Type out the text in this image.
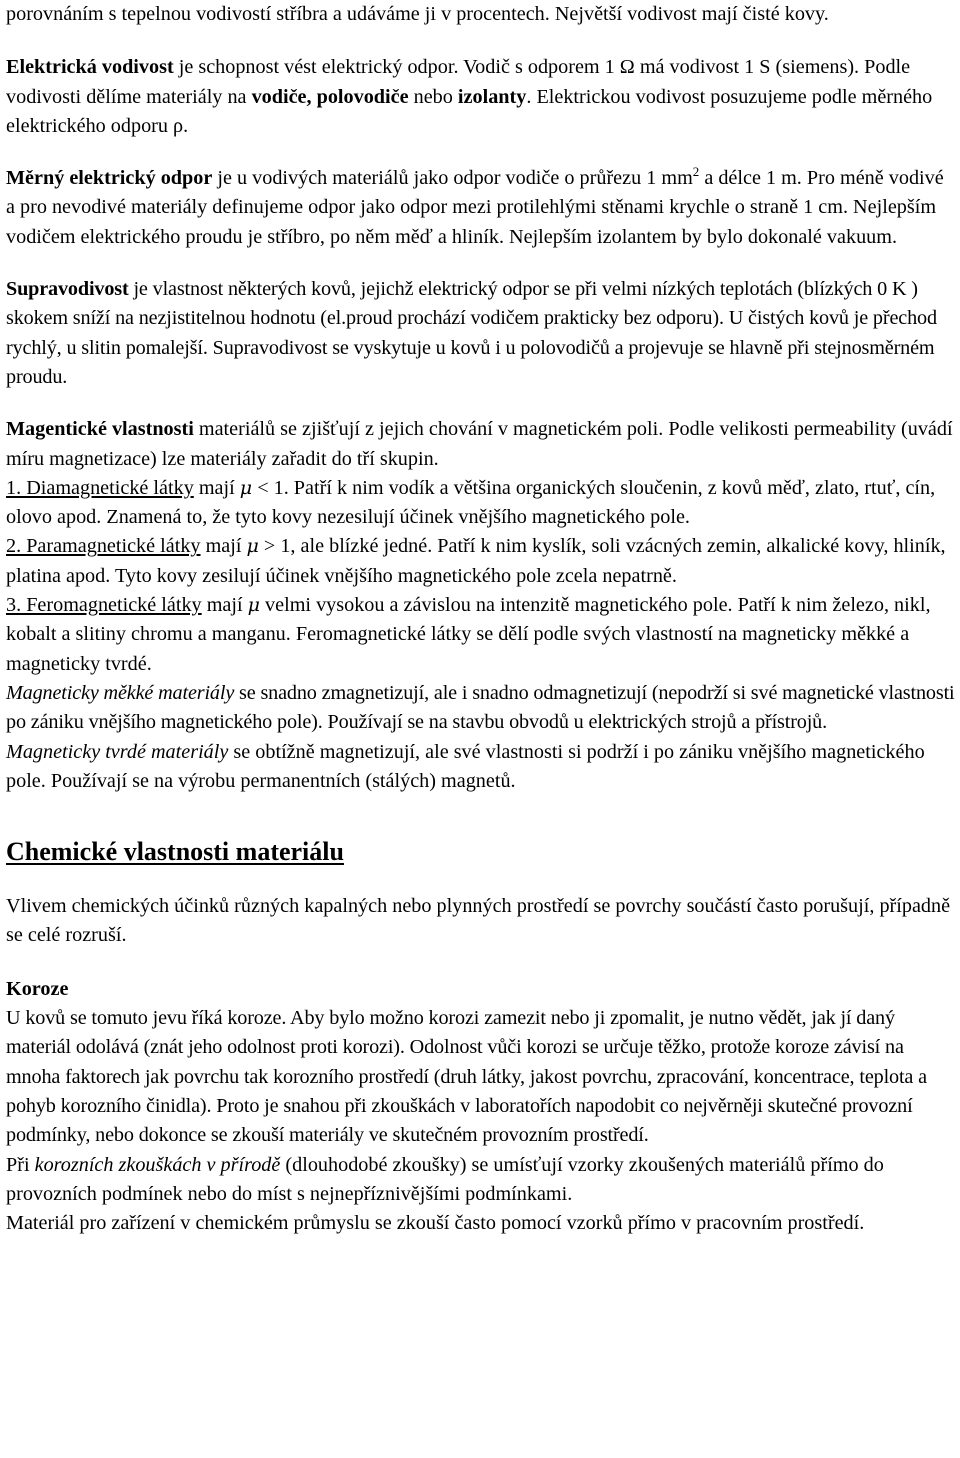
porovnáním s tepelnou vodivostí stříbra a udáváme ji v procentech. Největší vodivost mají čisté kovy.

Elektrická vodivost je schopnost vést elektrický odpor. Vodič s odporem 1 Ω má vodivost 1 S (siemens). Podle vodivosti dělíme materiály na vodiče, polovodiče nebo izolanty. Elektrickou vodivost posuzujeme podle měrného elektrického odporu ρ.

Měrný elektrický odpor je u vodivých materiálů jako odpor vodiče o průřezu 1 $mm^2$ a délce 1 m. Pro méně vodivé a pro nevodivé materiály definujeme odpor jako odpor mezi protilehlými stěnami krychle o straně 1 cm. Nejlepším vodičem elektrického proudu je stříbro, po něm měď a hliník. Nejlepším izolantem by bylo dokonalé vakuum.

Supravodivost je vlastnost některých kovů, jejichž elektrický odpor se při velmi nízkých teplotách (blízkých 0 K ) skokem sníží na nezjistitelnou hodnotu (el.proud prochází vodičem prakticky bez odporu). U čistých kovů je přechod rychlý, u slitin pomalejší. Supravodivost se vyskytuje u kovů i u polovodičů a projevuje se hlavně při stejnosměrném proudu.

Magentické vlastnosti materiálů se zjišťují z jejich chování v magnetickém poli. Podle velikosti permeability (uvádí míru magnetizace) lze materiály zařadit do tří skupin.

1. Diamagnetické látky mají μ < 1. Patří k nim vodík a většina organických sloučenin, z kovů měď, zlato, rtuť, cín, olovo apod. Znamená to, že tyto kovy nezesilují účinek vnějšího magnetického pole.

2. Paramagnetické látky mají μ > 1, ale blízké jedné. Patří k nim kyslík, soli vzácných zemin, alkalické kovy, hliník, platina apod. Tyto kovy zesilují účinek vnějšího magnetického pole zcela nepatrně.

3. Feromagnetické látky mají μ velmi vysokou a závislou na intenzitě magnetického pole. Patří k nim železo, nikl, kobalt a slitiny chromu a manganu. Feromagnetické látky se dělí podle svých vlastností na magneticky měkké a magneticky tvrdé.

Magneticky měkké materiály se snadno zmagnetizují, ale i snadno odmagnetizují (nepodrží si své magnetické vlastnosti po zániku vnějšího magnetického pole). Používají se na stavbu obvodů u elektrických strojů a přístrojů.

Magneticky tvrdé materiály se obtížně magnetizují, ale své vlastnosti si podrží i po zániku vnějšího magnetického pole. Používají se na výrobu permanentních (stálých) magnetů.

Chemické vlastnosti materiálu

Vlivem chemických účinků různých kapalných nebo plynných prostředí se povrchy součástí často porušují, případně se celé rozruší.

Koroze

U kovů se tomuto jevu říká koroze. Aby bylo možno korozi zamezit nebo ji zpomalit, je nutno vědět, jak jí daný materiál odolává (znát jeho odolnost proti korozi). Odolnost vůči korozi se určuje těžko, protože koroze závisí na mnoha faktorech jak povrchu tak korozního prostředí (druh látky, jakost povrchu, zpracování, koncentrace, teplota a pohyb korozního činidla). Proto je snahou při zkouškách v laboratořích napodobit co nejvěrněji skutečné provozní podmínky, nebo dokonce se zkouší materiály ve skutečném provozním prostředí.

Při korozních zkouškách v přírodě (dlouhodobé zkoušky) se umísťují vzorky zkoušených materiálů přímo do provozních podmínek nebo do míst s nejnepříznivějšími podmínkami.

Materiál pro zařízení v chemickém průmyslu se zkouší často pomocí vzorků přímo v pracovním prostředí.
